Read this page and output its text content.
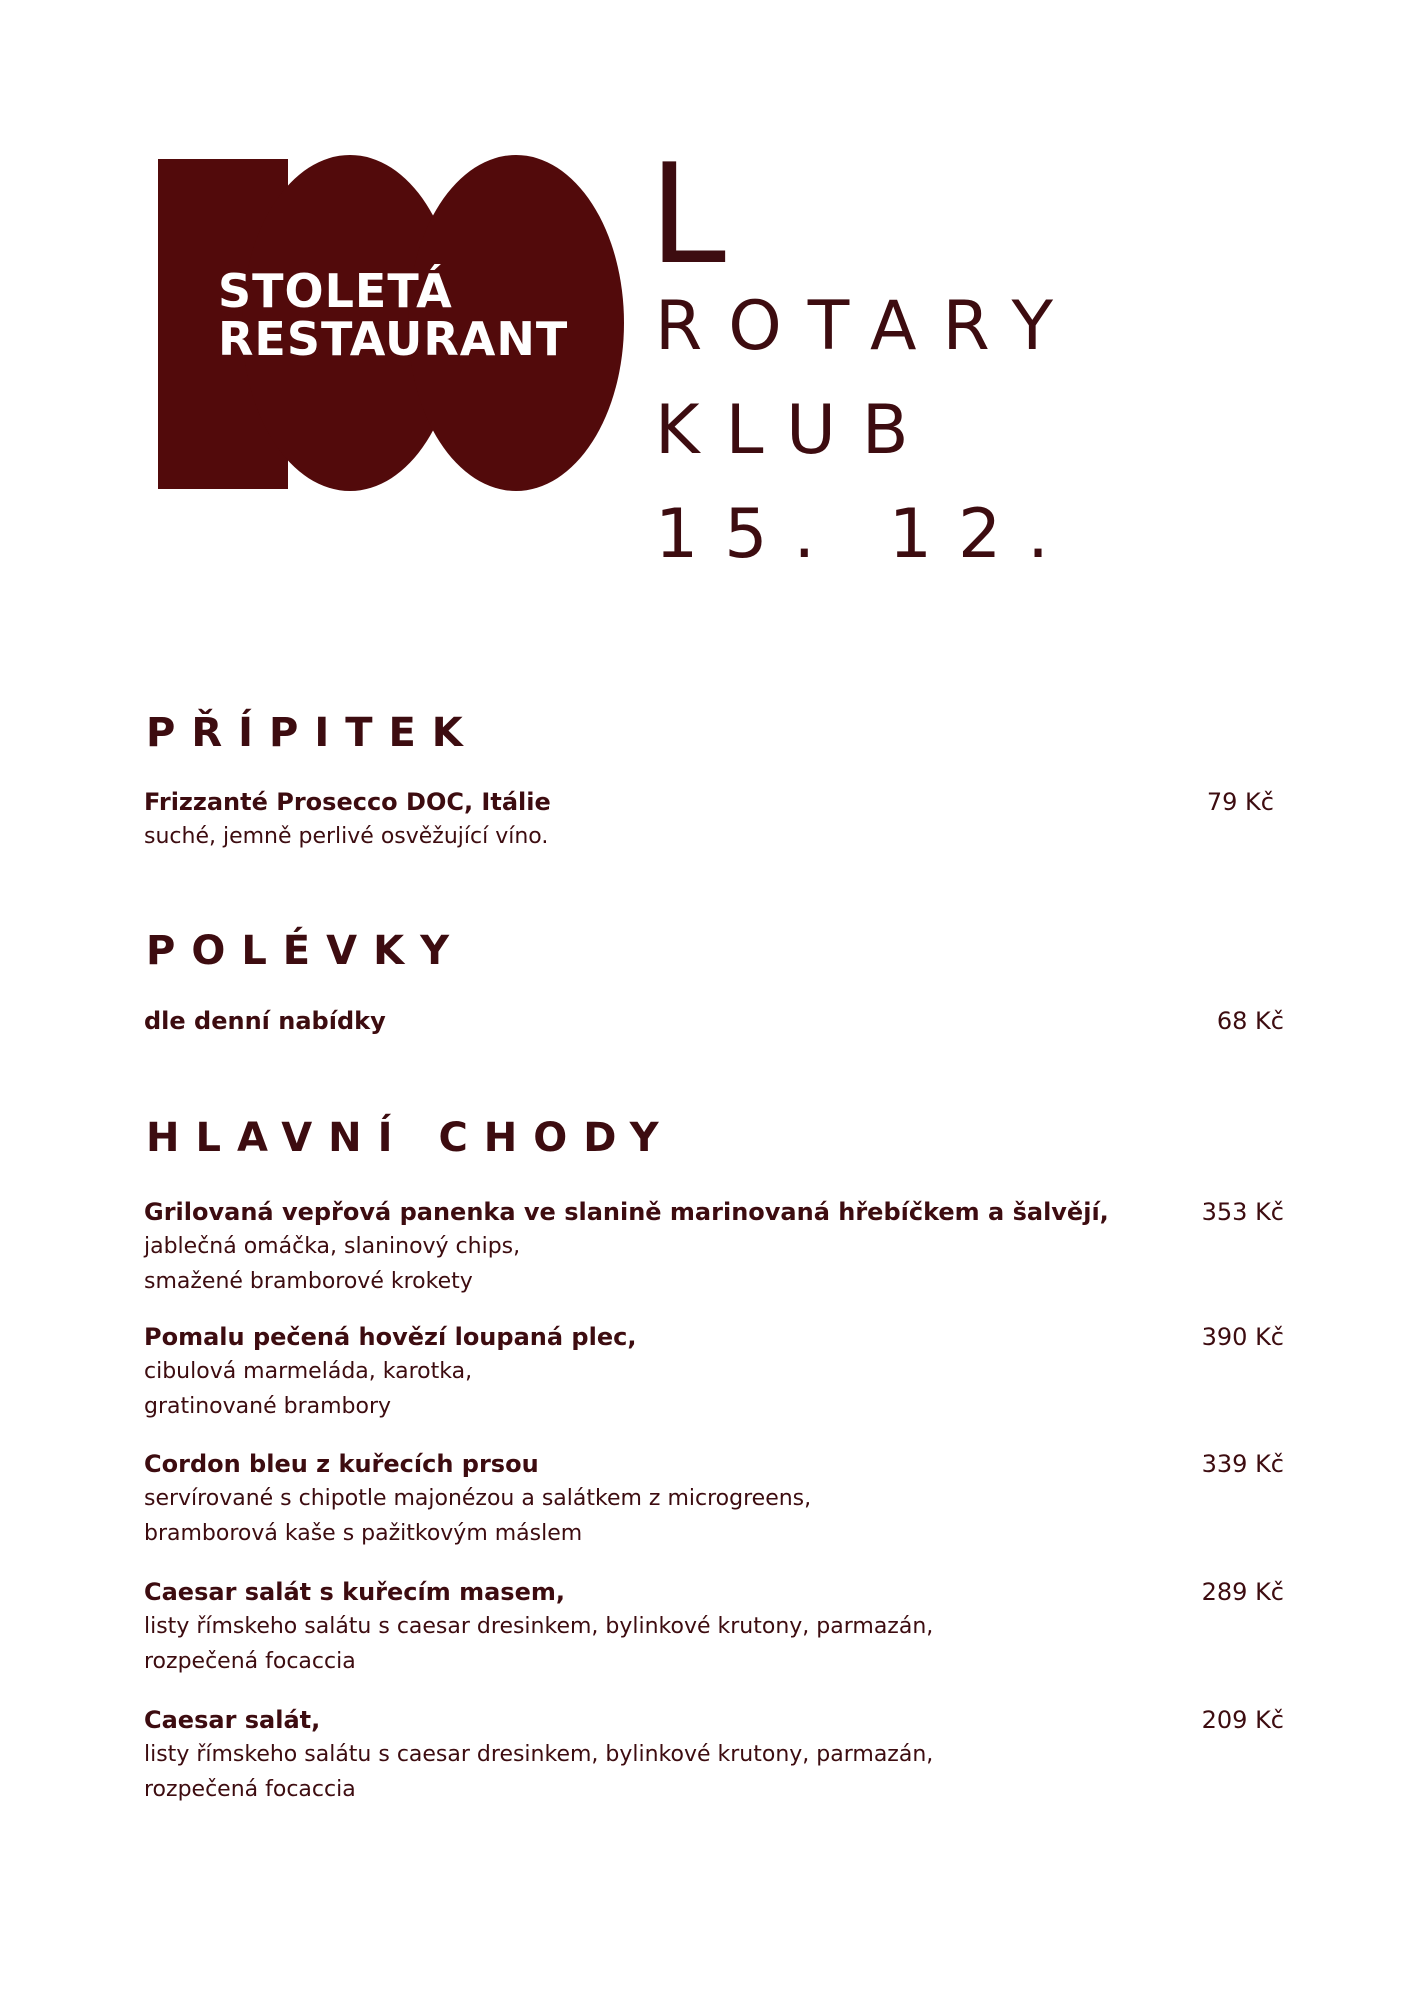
STOLETÁ
RESTAURANT
L
ROTARY
KLUB
15. 12.
PŘÍPITEK
Frizzanté Prosecco DOC, Itálie
suché, jemně perlivé osvěžující víno.
79 Kč
POLÉVKY
dle denní nabídky	68 Kč
HLAVNÍ CHODY
Grilovaná vepřová panenka ve slanině marinovaná hřebíčkem a šalvějí,
jablečná omáčka, slaninový chips,
smažené bramborové krokety
353 Kč
Pomalu pečená hovězí loupaná plec,
cibulová marmeláda, karotka,
gratinované brambory
390 Kč
Cordon bleu z kuřecích prsou
servírované s chipotle majonézou a salátkem z microgreens,
bramborová kaše s pažitkovým máslem
339 Kč
Caesar salát s kuřecím masem,
listy římskeho salátu s caesar dresinkem, bylinkové krutony, parmazán,
rozpečená focaccia
289 Kč
Caesar salát,
listy římskeho salátu s caesar dresinkem, bylinkové krutony, parmazán,
rozpečená focaccia
209 Kč
